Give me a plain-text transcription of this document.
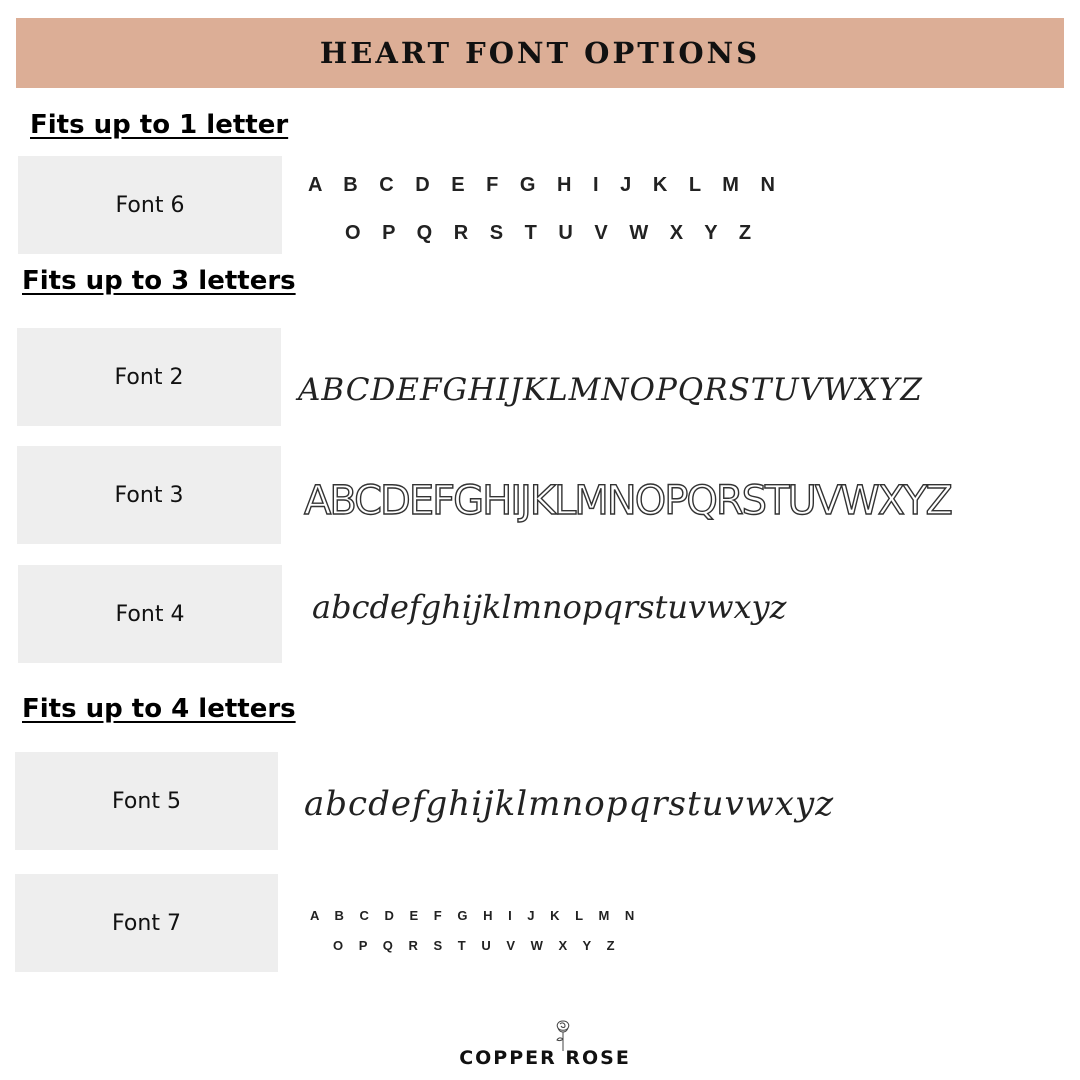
HEART FONT OPTIONS
Fits up to 1 letter
Font 6
A B C D E F G H I J K L M N
O P Q R S T U V W X Y Z
Fits up to 3 letters
Font 2	ABCDEFGHIJKLMNOPQRSTUVWXYZ
Font 3	ABCDEFGHIJKLMNOPQRSTUVWXYZ
Font 4	abcdefghijklmnopqrstuvwxyz
Fits up to 4 letters
Font 5	abcdefghijklmnopqrstuvwxyz
Font 7	A B C D E F G H I J K L M N
O P Q R S T U V W X Y Z
COPPER ROSE
